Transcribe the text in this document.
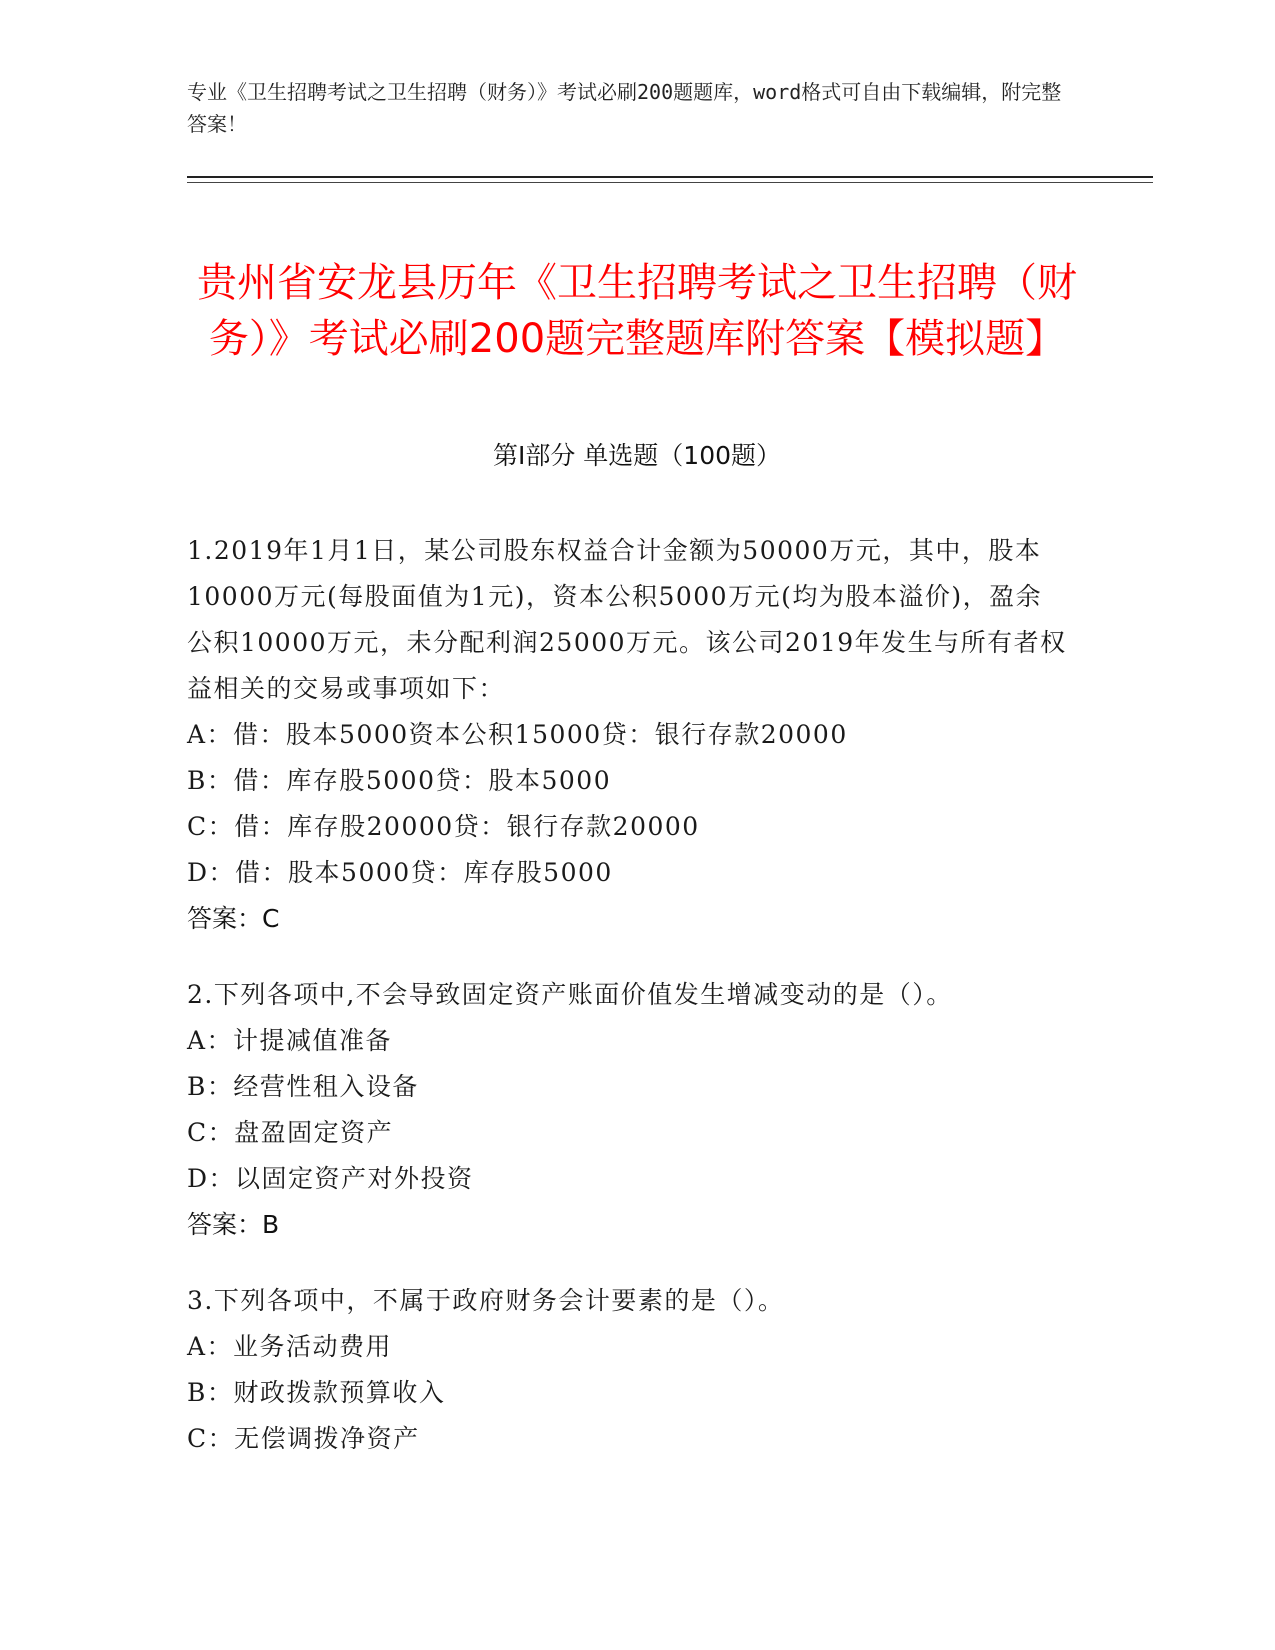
专业《卫生招聘考试之卫生招聘（财务）》考试必刷200题题库，word格式可自由下载编辑，附完整答案！
贵州省安龙县历年《卫生招聘考试之卫生招聘（财务）》考试必刷200题完整题库附答案【模拟题】
第Ⅰ部分 单选题（100题）

1.2019年1月1日，某公司股东权益合计金额为50000万元，其中，股本10000万元(每股面值为1元)，资本公积5000万元(均为股本溢价)，盈余公积10000万元，未分配利润25000万元。该公司2019年发生与所有者权益相关的交易或事项如下：

A：借：股本5000资本公积15000贷：银行存款20000

B：借：库存股5000贷：股本5000

C：借：库存股20000贷：银行存款20000

D：借：股本5000贷：库存股5000

答案：C

2.下列各项中,不会导致固定资产账面价值发生增减变动的是（）。

A：计提减值准备

B：经营性租入设备

C：盘盈固定资产

D：以固定资产对外投资

答案：B

3.下列各项中，不属于政府财务会计要素的是（）。

A：业务活动费用

B：财政拨款预算收入

C：无偿调拨净资产
